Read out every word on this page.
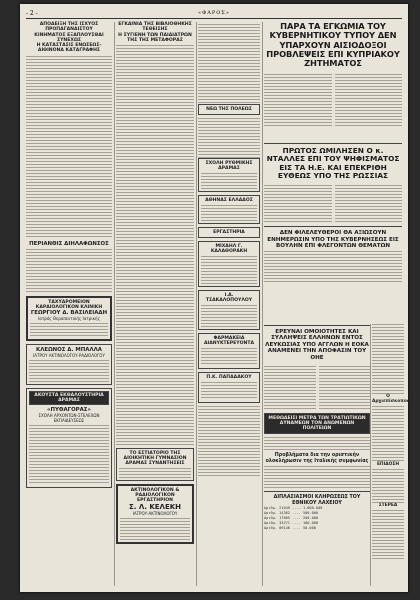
- 2 -	«ΦΑΡΟΣ»
ΑΠΟΔΕΙΞΗ ΤΗΣ ΙΣΧΥΟΣ ΠΡΟΠΑΓΑΝΔΙΣΤΟΥ
ΚΙΝΗΜΑΤΟΣ ΕΞΑΠΛΟΥΣΘΑΙ ΣΥΝΕΧΩΣ
Η ΚΑΤΑΣΤΑΣΙΣ ΕΝΩΣΕΩΣ-ΑΙΘΙΝΟΝΑ ΚΑΤΑΓΡΑΦΗΣ
ΠΕΡΙΑΝΘΙΣ ΔΙΗΛΑΦΩΝΣΟΣ
ΤΑΧΥΔΡΟΜΕΙΟΝ ΚΑΡΔΙΟΛΟΓΙΚΟΝ ΚΛΙΝΙΚΗ
ΓΕΩΡΓΙΟΥ Δ. ΒΑΣΙΛΕΙΑΔΗ
Ιατρός Θεραπευτικής Ιατρικής
ΚΛΕΩΝΟΣ Δ. ΜΠΑΛΛΑ
ΙΑΤΡΟΥ ΑΚΤΙΝΟΛΟΓΟΥ-ΡΑΔΙΟΛΟΓΟΥ
ΑΚΟΥΣΤΑ ΕΚΘΑΛΟΥΣΤΗΡΙΑ ΔΡΑΜΑΣ
«ΠΥΘΑΓΟΡΑΣ»
ΣΧΟΛΗ ΑΡΧΟΝΤΩΝ-ΣΤΕΛΕΧΩΝ ΕΚΠΑΙΔΕΥΣΕΩΣ
ΕΓΚΑΙΝΙΑ ΤΗΣ ΒΙΒΛΙΟΘΗΚΗΣ ΤΕΘΕΙΣΗΣ
Η ΣΥΓΙΕΝΗ ΤΩΝ ΠΑΙΔΙΑΤΡΩΝ ΤΗΣ ΤΗΣ ΜΕΤΑΦΟΡΑΣ
ΤΟ ΕΣΤΙΑΤΟΡΙΟ ΤΗΣ ΔΙΟΙΚΗΤΙΚΗ ΓΥΜΝΑΣΙΟΝ ΔΡΑΜΑΣ ΣΥΝΑΝΤΗΣΕΙΣ
ΑΚΤΙΝΟΛΟΓΙΚΟΝ & ΡΑΔΙΟΛΟΓΙΚΟΝ ΕΡΓΑΣΤΗΡΙΟΝ
Σ. Λ. ΚΕΛΕΚΗ
ΙΑΤΡΟΥ-ΑΚΤΙΝΟΛΟΓΟΥ
ΝΕΩ ΤΗΣ ΠΟΛΕΩΣ
ΣΧΟΛΗ ΡΥΘΜΙΚΗΣ ΔΡΑΜΑΣ
ΑΘΗΝΑΣ ΕΛΛΑΔΟΣ
ΕΡΓΑΣΤΗΡΙΑ
ΜΙΧΑΗΛ Γ. ΚΑΛΑΘΟΡΑΚΗ
Ι.Α. ΤΣΑΚΑΛΟΠΟΥΛΟΥ
ΦΑΡΜΑΚΕΙΑ ΔΙΑΝΥΚΤΕΡΕΥΟΝΤΑ
Π.Κ. ΠΑΠΑΔΑΚΟΥ
ΠΑΡΑ ΤΑ ΕΓΚΩΜΙΑ ΤΟΥ ΚΥΒΕΡΝΗΤΙΚΟΥ ΤΥΠΟΥ ΔΕΝ ΥΠΑΡΧΟΥΝ ΑΙΣΙΟΔΟΞΟΙ ΠΡΟΒΛΕΨΕΙΣ ΕΠΙ ΚΥΠΡΙΑΚΟΥ ΖΗΤΗΜΑΤΟΣ
ΠΡΩΤΟΣ ΩΜΙΛΗΣΕΝ Ο κ. ΝΤΑΛΛΕΣ ΕΠΙ ΤΟΥ ΨΗΦΙΣΜΑΤΟΣ ΕΙΣ ΤΑ Η.Ε. ΚΑΙ ΕΠΕΚΡΙΘΗ ΕΥΘΕΩΣ ΥΠΟ ΤΗΣ ΡΩΣΣΙΑΣ
ΔΕΝ ΦΙΛΕΛΕΥΘΕΡΟΙ ΘΑ ΑΞΙΩΣΟΥΝ ΕΝΗΜΕΡΩΣΙΝ ΥΠΟ ΤΗΣ ΚΥΒΕΡΝΗΣΕΩΣ ΕΙΣ ΒΟΥΛΗΝ ΕΠΙ ΦΛΕΓΟΝΤΩΝ ΘΕΜΑΤΩΝ
ΕΡΕΥΝΑΙ ΟΜΟΙΟΤΗΤΕΣ ΚΑΙ ΣΥΛΛΗΨΕΙΣ ΕΛΛΗΝΩΝ ΕΝΤΟΣ ΛΕΥΚΩΣΙΑΣ ΥΠΟ ΑΓΓΛΩΝ Η ΕΟΚΑ ΑΝΑΜΕΝΕΙ ΤΗΝ ΑΠΟΦΑΣΙΝ ΤΟΥ ΟΗΕ
ΜΕΘΩΔΕΙΣΙ ΜΕΤΡΑ ΤΩΝ ΤΡΑΤΙΩΤΙΚΩΝ ΔΥΝΑΜΕΩΝ ΤΟΝ ΑΝΩΜΕΝΩΝ ΠΟΛΙΤΕΙΩΝ
Προβλήματα δια την οριστικήν ολοκλήρωσιν της Ιταλικής συμφωνίας
ΔΙΠΛΑΣΙΑΣΜΟΙ ΚΛΗΡΩΣΕΩΣ ΤΟΥ ΕΘΝΙΚΟΥ ΛΑΧΕΙΟΥ
Αριθμ. 21049 .... 1.000.000
Αριθμ. 14362 .... 500.000
Αριθμ. 17805 .... 200.000
Αριθμ. 33271 .... 100.000
Αριθμ. 09146 .... 50.000
Ο Αρχιεπίσκοπος
ΕΠΙΔΟΣΗ
ΣΤΕΡΕΑ
